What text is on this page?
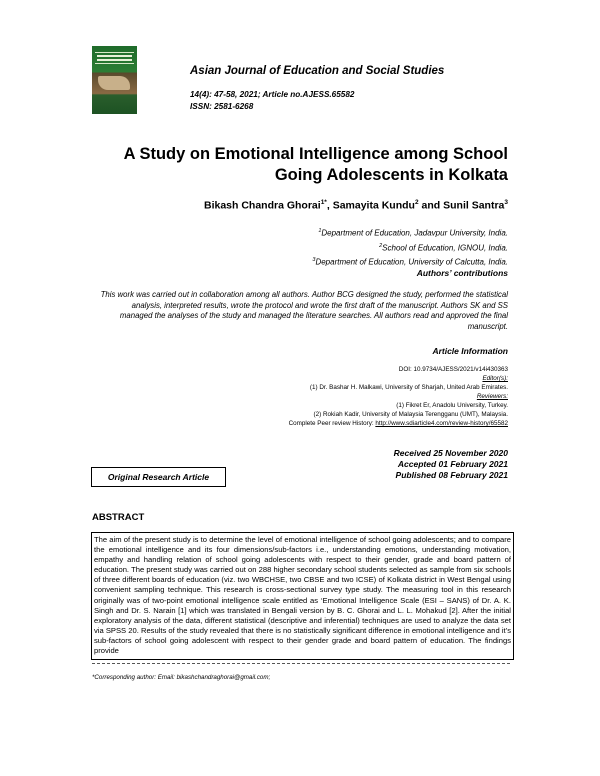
Asian Journal of Education and Social Studies
14(4): 47-58, 2021; Article no.AJESS.65582
ISSN: 2581-6268
A Study on Emotional Intelligence among School
Going Adolescents in Kolkata
Bikash Chandra Ghorai$^{1*}$, Samayita Kundu$^2$ and Sunil Santra$^3$
$^1$Department of Education, Jadavpur University, India.
$^2$School of Education, IGNOU, India.
$^3$Department of Education, University of Calcutta, India.
Authors’ contributions
This work was carried out in collaboration among all authors. Author BCG designed the study, performed the statistical analysis, interpreted results, wrote the protocol and wrote the first draft of the manuscript. Authors SK and SS managed the analyses of the study and managed the literature searches. All authors read and approved the final manuscript.
Article Information
DOI: 10.9734/AJESS/2021/v14i430363
Editor(s):
(1) Dr. Bashar H. Malkawi, University of Sharjah, United Arab Emirates.
Reviewers:
(1) Fikret Er, Anadolu University, Turkey.
(2) Rokiah Kadir, University of Malaysia Terengganu (UMT), Malaysia.
Complete Peer review History: http://www.sdiarticle4.com/review-history/65582
Received 25 November 2020
Accepted 01 February 2021
Published 08 February 2021
Original Research Article
ABSTRACT
The aim of the present study is to determine the level of emotional intelligence of school going adolescents; and to compare the emotional intelligence and its four dimensions/sub-factors i.e., understanding emotions, understanding motivation, empathy and handling relation of school going adolescents with respect to their gender, grade and board pattern of education. The present study was carried out on 288 higher secondary school students selected as sample from six schools of three different boards of education (viz. two WBCHSE, two CBSE and two ICSE) of Kolkata district in West Bengal using convenient sampling technique. This research is cross-sectional survey type study. The measuring tool in this research originally was of two-point emotional intelligence scale entitled as ‘Emotional Intelligence Scale (ESI – SANS) of Dr. A. K. Singh and Dr. S. Narain [1] which was translated in Bengali version by B. C. Ghorai and L. L. Mohakud [2]. After the initial exploratory analysis of the data, different statistical (descriptive and inferential) techniques are used to analyze the data set via SPSS 20. Results of the study revealed that there is no statistically significant difference in emotional intelligence and it’s sub-factors of school going adolescent with respect to their gender grade and board pattern of education. The findings provide
*Corresponding author: Email: bikashchandraghorai@gmail.com;
